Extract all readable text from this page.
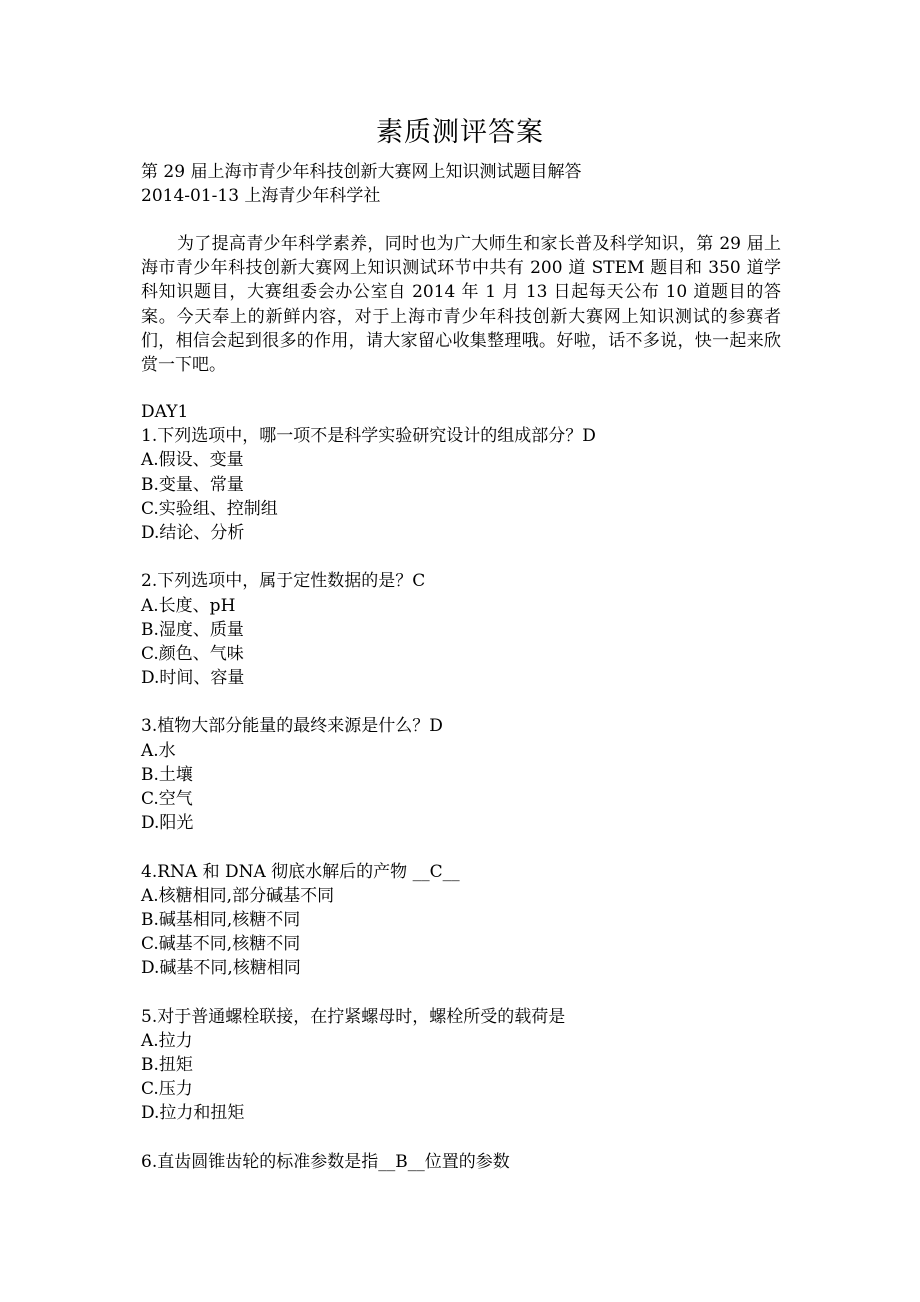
素质测评答案
第 29 届上海市青少年科技创新大赛网上知识测试题目解答
2014-01-13 上海青少年科学社
为了提高青少年科学素养，同时也为广大师生和家长普及科学知识，第 29 届上海市青少年科技创新大赛网上知识测试环节中共有 200 道 STEM 题目和 350 道学科知识题目，大赛组委会办公室自 2014 年 1 月 13 日起每天公布 10 道题目的答案。今天奉上的新鲜内容，对于上海市青少年科技创新大赛网上知识测试的参赛者们，相信会起到很多的作用，请大家留心收集整理哦。好啦，话不多说，快一起来欣赏一下吧。
DAY1
1.下列选项中，哪一项不是科学实验研究设计的组成部分？D
A.假设、变量
B.变量、常量
C.实验组、控制组
D.结论、分析
2.下列选项中，属于定性数据的是？C
A.长度、pH
B.湿度、质量
C.颜色、气味
D.时间、容量
3.植物大部分能量的最终来源是什么？D
A.水
B.土壤
C.空气
D.阳光
4.RNA 和 DNA 彻底水解后的产物 __C__
A.核糖相同,部分碱基不同
B.碱基相同,核糖不同
C.碱基不同,核糖不同
D.碱基不同,核糖相同
5.对于普通螺栓联接，在拧紧螺母时，螺栓所受的载荷是
A.拉力
B.扭矩
C.压力
D.拉力和扭矩
6.直齿圆锥齿轮的标准参数是指__B__位置的参数
